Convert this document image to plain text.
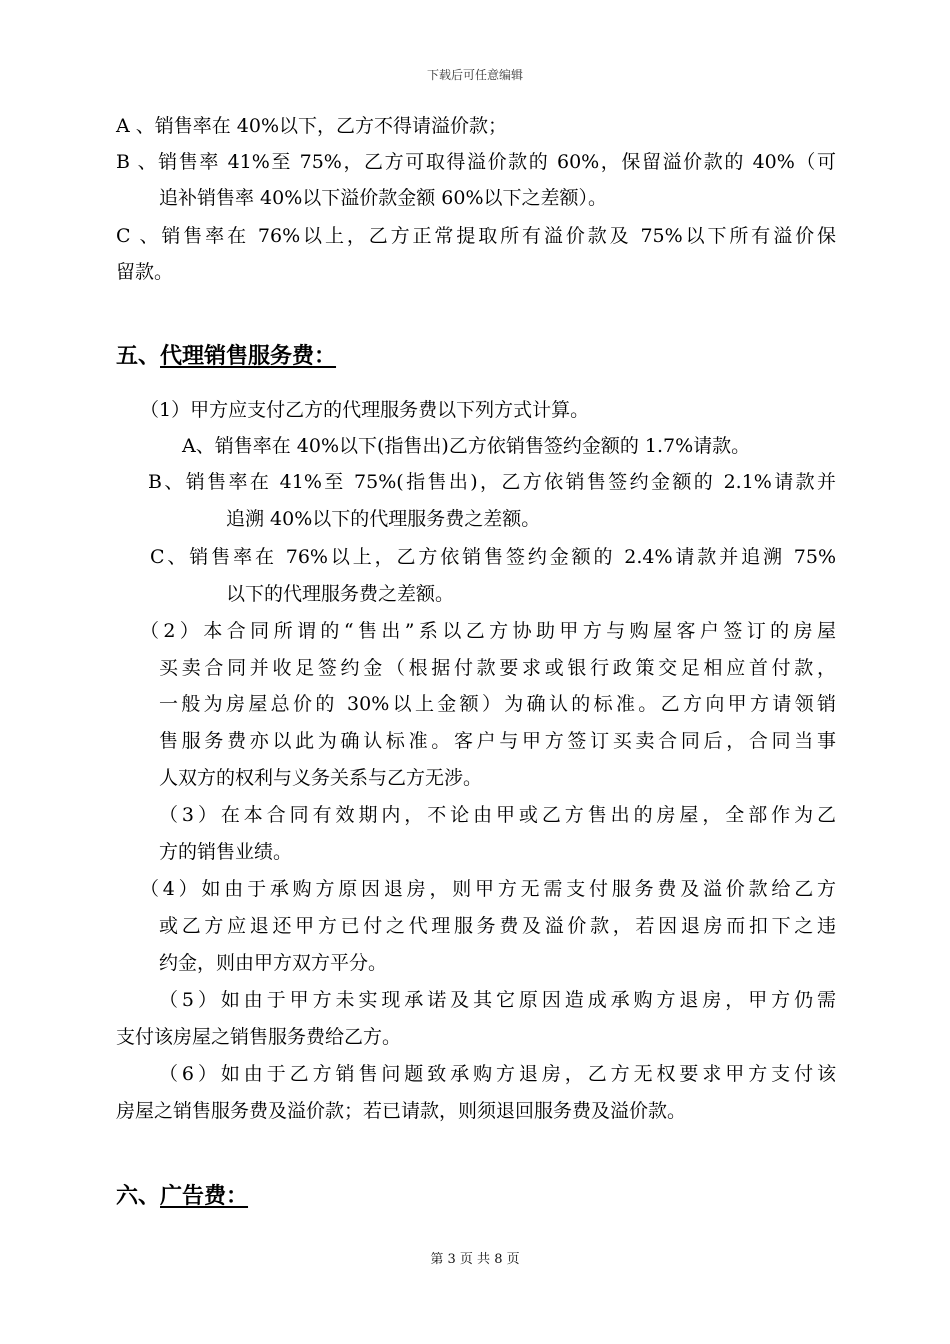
下载后可任意编辑
A 、销售率在 40%以下，乙方不得请溢价款；
B 、销售率 41%至 75%，乙方可取得溢价款的 60%，保留溢价款的 40%（可
追补销售率 40%以下溢价款金额 60%以下之差额）。
C 、销售率在 76%以上，乙方正常提取所有溢价款及 75%以下所有溢价保
留款。
五、代理销售服务费：
（1）甲方应支付乙方的代理服务费以下列方式计算。
A、销售率在 40%以下(指售出)乙方依销售签约金额的 1.7%请款。
B、销售率在 41%至 75%(指售出)，乙方依销售签约金额的 2.1%请款并
追溯 40%以下的代理服务费之差额。
C、销售率在 76%以上，乙方依销售签约金额的 2.4%请款并追溯 75%
以下的代理服务费之差额。
（2）本合同所谓的“售出”系以乙方协助甲方与购屋客户签订的房屋
买卖合同并收足签约金（根据付款要求或银行政策交足相应首付款，
一般为房屋总价的 30%以上金额）为确认的标准。乙方向甲方请领销
售服务费亦以此为确认标准。客户与甲方签订买卖合同后，合同当事
人双方的权利与义务关系与乙方无涉。
（3）在本合同有效期内，不论由甲或乙方售出的房屋，全部作为乙
方的销售业绩。
（4）如由于承购方原因退房，则甲方无需支付服务费及溢价款给乙方
或乙方应退还甲方已付之代理服务费及溢价款，若因退房而扣下之违
约金，则由甲方双方平分。
（5）如由于甲方未实现承诺及其它原因造成承购方退房，甲方仍需
支付该房屋之销售服务费给乙方。
（6）如由于乙方销售问题致承购方退房，乙方无权要求甲方支付该
房屋之销售服务费及溢价款；若已请款，则须退回服务费及溢价款。
六、广告费：
第 3 页 共 8 页
